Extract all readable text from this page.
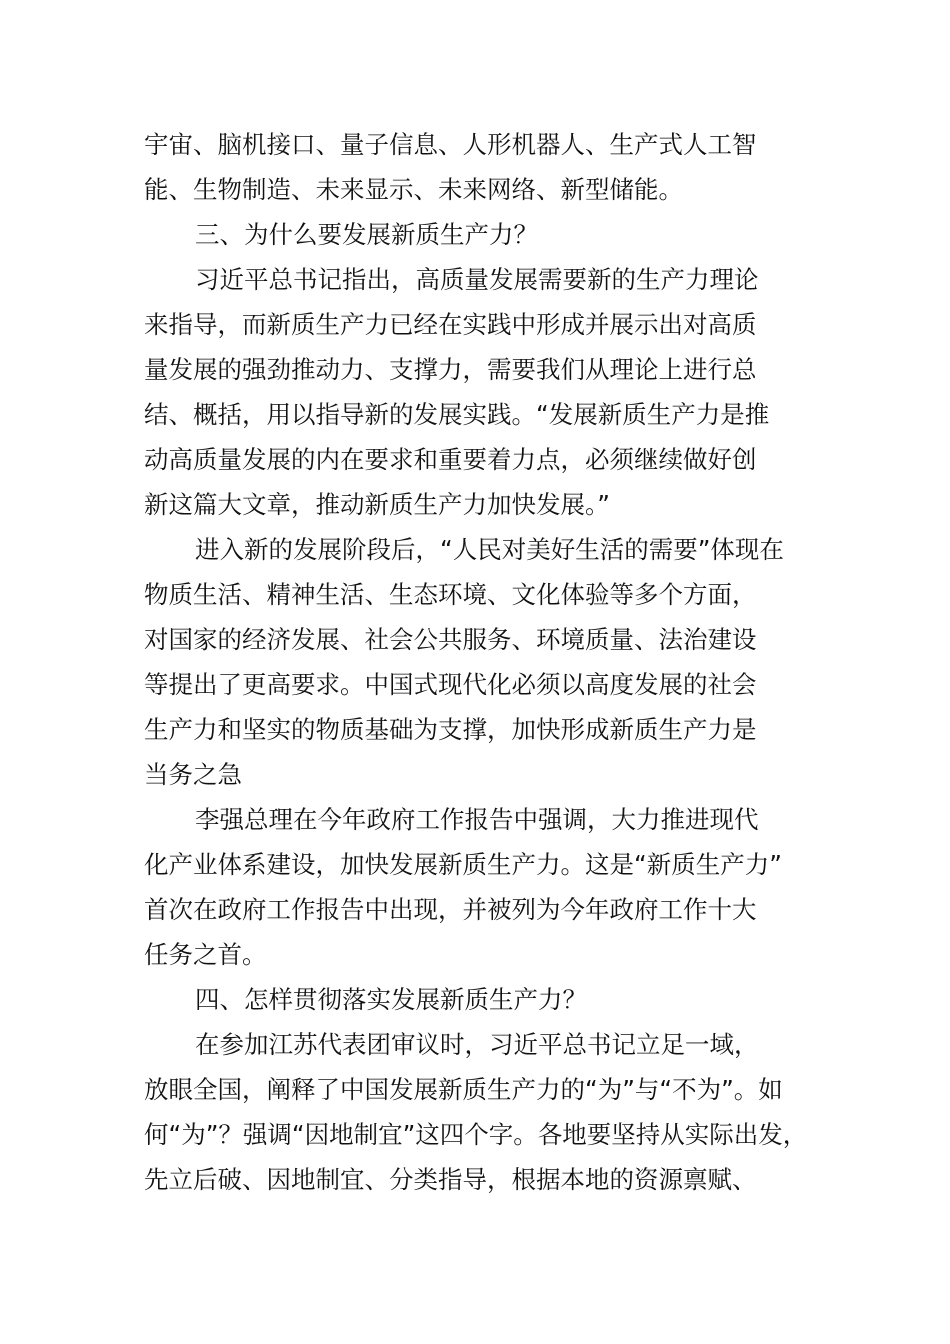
宇宙、脑机接口、量子信息、人形机器人、生产式人工智
能、生物制造、未来显示、未来网络、新型储能。
三、为什么要发展新质生产力？
习近平总书记指出，高质量发展需要新的生产力理论
来指导，而新质生产力已经在实践中形成并展示出对高质
量发展的强劲推动力、支撑力，需要我们从理论上进行总
结、概括，用以指导新的发展实践。“发展新质生产力是推
动高质量发展的内在要求和重要着力点，必须继续做好创
新这篇大文章，推动新质生产力加快发展。”
进入新的发展阶段后，“人民对美好生活的需要”体现在
物质生活、精神生活、生态环境、文化体验等多个方面，
对国家的经济发展、社会公共服务、环境质量、法治建设
等提出了更高要求。中国式现代化必须以高度发展的社会
生产力和坚实的物质基础为支撑，加快形成新质生产力是
当务之急
李强总理在今年政府工作报告中强调，大力推进现代
化产业体系建设，加快发展新质生产力。这是“新质生产力”
首次在政府工作报告中出现，并被列为今年政府工作十大
任务之首。
四、怎样贯彻落实发展新质生产力？
在参加江苏代表团审议时，习近平总书记立足一域，
放眼全国，阐释了中国发展新质生产力的“为”与“不为”。如
何“为”？强调“因地制宜”这四个字。各地要坚持从实际出发，
先立后破、因地制宜、分类指导，根据本地的资源禀赋、
